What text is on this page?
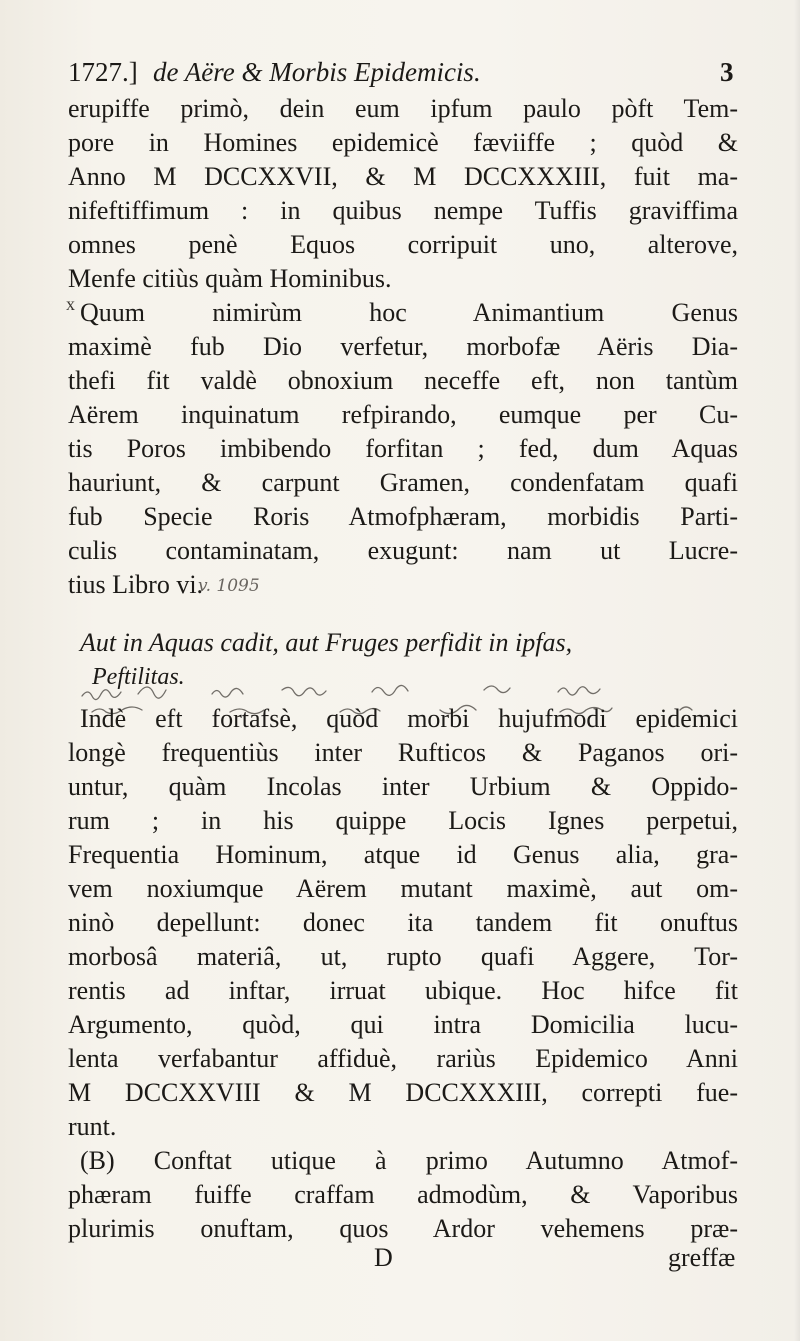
1727.] de Aëre & Morbis Epidemicis.	3
erupiffe primò, dein eum ipfum paulo pòft Tem-
pore in Homines epidemicè fæviiffe ; quòd &
Anno M DCCXXVII, & M DCCXXXIII, fuit ma-
nifeftiffimum : in quibus nempe Tuffis graviffima
omnes penè Equos corripuit uno, alterove,
Menfe citiùs quàm Hominibus.
x Quum nimirùm hoc Animantium Genus
maximè fub Dio verfetur, morbofæ Aëris Dia-
thefi fit valdè obnoxium neceffe eft, non tantùm
Aërem inquinatum refpirando, eumque per Cu-
tis Poros imbibendo forfitan ; fed, dum Aquas
hauriunt, & carpunt Gramen, condenfatam quafi
fub Specie Roris Atmofphæram, morbidis Parti-
culis contaminatam, exugunt: nam ut Lucre-
tius Libro vi.
v. 1095
Aut in Aquas cadit, aut Fruges perfidit in ipfas,
Peftilitas.
Indè eft fortafsè, quòd morbi hujufmodi epidemici
longè frequentiùs inter Rufticos & Paganos ori-
untur, quàm Incolas inter Urbium & Oppido-
rum ; in his quippe Locis Ignes perpetui,
Frequentia Hominum, atque id Genus alia, gra-
vem noxiumque Aërem mutant maximè, aut om-
ninò depellunt: donec ita tandem fit onuftus
morbosâ materiâ, ut, rupto quafi Aggere, Tor-
rentis ad inftar, irruat ubique. Hoc hifce fit
Argumento, quòd, qui intra Domicilia lucu-
lenta verfabantur affiduè, rariùs Epidemico Anni
M DCCXXVIII & M DCCXXXIII, correpti fue-
runt.
(B) Conftat utique à primo Autumno Atmof-
phæram fuiffe craffam admodùm, & Vaporibus
plurimis onuftam, quos Ardor vehemens præ-
D	greffæ
